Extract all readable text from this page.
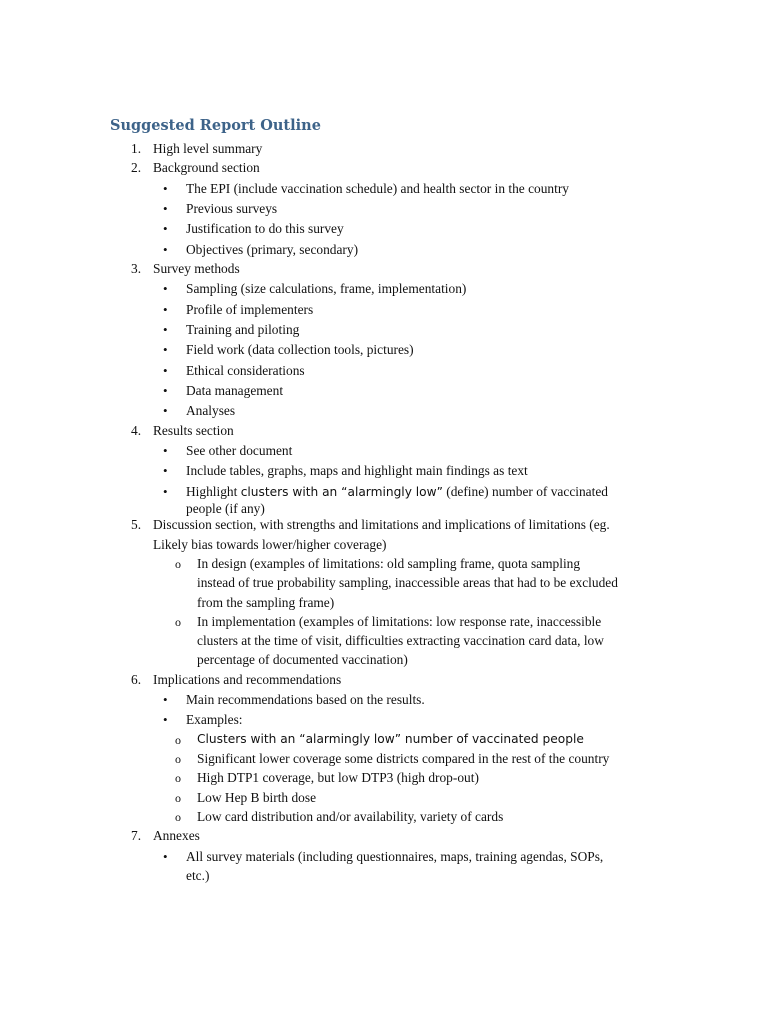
Suggested Report Outline
1. High level summary
2. Background section
• The EPI (include vaccination schedule) and health sector in the country
• Previous surveys
• Justification to do this survey
• Objectives (primary, secondary)
3. Survey methods
• Sampling (size calculations, frame, implementation)
• Profile of implementers
• Training and piloting
• Field work (data collection tools, pictures)
• Ethical considerations
• Data management
• Analyses
4. Results section
• See other document
• Include tables, graphs, maps and highlight main findings as text
• Highlight clusters with an “alarmingly low” (define) number of vaccinated
people (if any)
5. Discussion section, with strengths and limitations and implications of limitations (eg.
Likely bias towards lower/higher coverage)
o In design (examples of limitations: old sampling frame, quota sampling
instead of true probability sampling, inaccessible areas that had to be excluded
from the sampling frame)
o In implementation (examples of limitations: low response rate, inaccessible
clusters at the time of visit, difficulties extracting vaccination card data, low
percentage of documented vaccination)
6. Implications and recommendations
• Main recommendations based on the results.
• Examples:
o Clusters with an “alarmingly low” number of vaccinated people
o Significant lower coverage some districts compared in the rest of the country
o High DTP1 coverage, but low DTP3 (high drop-out)
o Low Hep B birth dose
o Low card distribution and/or availability, variety of cards
7. Annexes
• All survey materials (including questionnaires, maps, training agendas, SOPs,
etc.)
